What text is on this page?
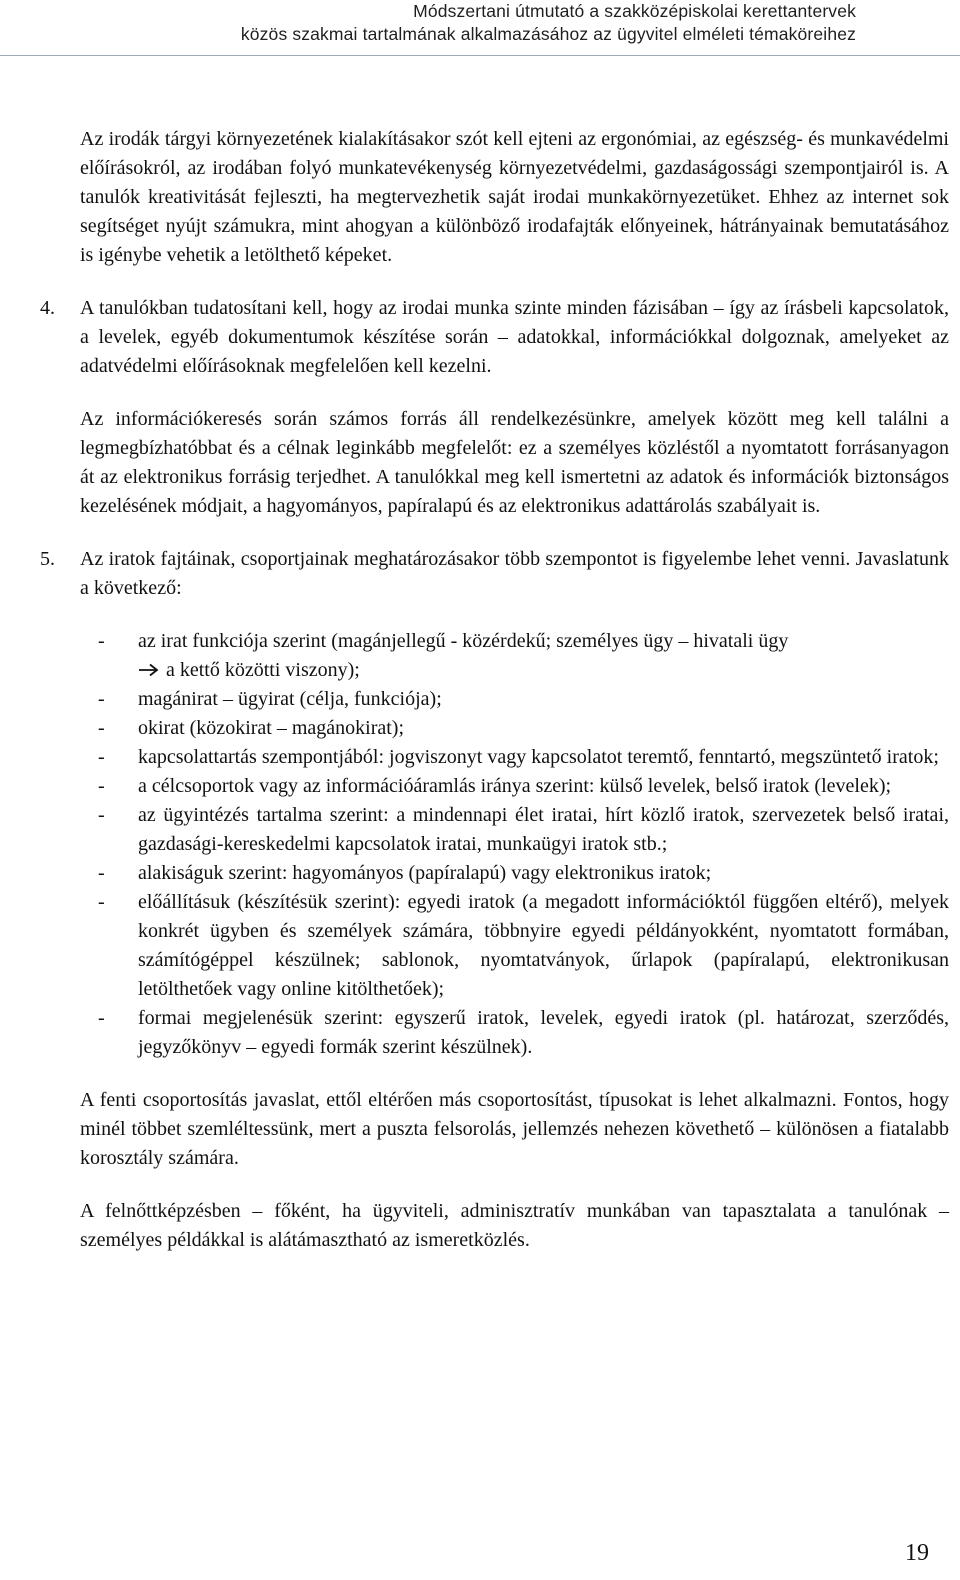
Módszertani útmutató a szakközépiskolai kerettantervek
közös szakmai tartalmának alkalmazásához az ügyvitel elméleti témaköreihez

Az irodák tárgyi környezetének kialakításakor szót kell ejteni az ergonómiai, az egészség- és munkavédelmi előírásokról, az irodában folyó munkatevékenység környezetvédelmi, gazdaságossági szempontjairól is. A tanulók kreativitását fejleszti, ha megtervezhetik saját irodai munkakörnyezetüket. Ehhez az internet sok segítséget nyújt számukra, mint ahogyan a különböző irodafajták előnyeinek, hátrányainak bemutatásához is igénybe vehetik a letölthető képeket.

4. A tanulókban tudatosítani kell, hogy az irodai munka szinte minden fázisában – így az írásbeli kapcsolatok, a levelek, egyéb dokumentumok készítése során – adatokkal, információkkal dolgoznak, amelyeket az adatvédelmi előírásoknak megfelelően kell kezelni.

Az információkeresés során számos forrás áll rendelkezésünkre, amelyek között meg kell találni a legmegbízhatóbbat és a célnak leginkább megfelelőt: ez a személyes közléstől a nyomtatott forrásanyagon át az elektronikus forrásig terjedhet. A tanulókkal meg kell ismertetni az adatok és információk biztonságos kezelésének módjait, a hagyományos, papíralapú és az elektronikus adattárolás szabályait is.

5. Az iratok fajtáinak, csoportjainak meghatározásakor több szempontot is figyelembe lehet venni. Javaslatunk a következő:

- az irat funkciója szerint (magánjellegű - közérdekű; személyes ügy – hivatali ügy
a kettő közötti viszony);
- magánirat – ügyirat (célja, funkciója);
- okirat (közokirat – magánokirat);
- kapcsolattartás szempontjából: jogviszonyt vagy kapcsolatot teremtő, fenntartó, megszüntető iratok;
- a célcsoportok vagy az információáramlás iránya szerint: külső levelek, belső iratok (levelek);
- az ügyintézés tartalma szerint: a mindennapi élet iratai, hírt közlő iratok, szervezetek belső iratai, gazdasági-kereskedelmi kapcsolatok iratai, munkaügyi iratok stb.;
- alakiságuk szerint: hagyományos (papíralapú) vagy elektronikus iratok;
- előállításuk (készítésük szerint): egyedi iratok (a megadott információktól függően eltérő), melyek konkrét ügyben és személyek számára, többnyire egyedi példányokként, nyomtatott formában, számítógéppel készülnek; sablonok, nyomtatványok, űrlapok (papíralapú, elektronikusan letölthetőek vagy online kitölthetőek);
- formai megjelenésük szerint: egyszerű iratok, levelek, egyedi iratok (pl. határozat, szerződés, jegyzőkönyv – egyedi formák szerint készülnek).

A fenti csoportosítás javaslat, ettől eltérően más csoportosítást, típusokat is lehet alkalmazni. Fontos, hogy minél többet szemléltessünk, mert a puszta felsorolás, jellemzés nehezen követhető – különösen a fiatalabb korosztály számára.

A felnőttképzésben – főként, ha ügyviteli, adminisztratív munkában van tapasztalata a tanulónak – személyes példákkal is alátámasztható az ismeretközlés.

19
